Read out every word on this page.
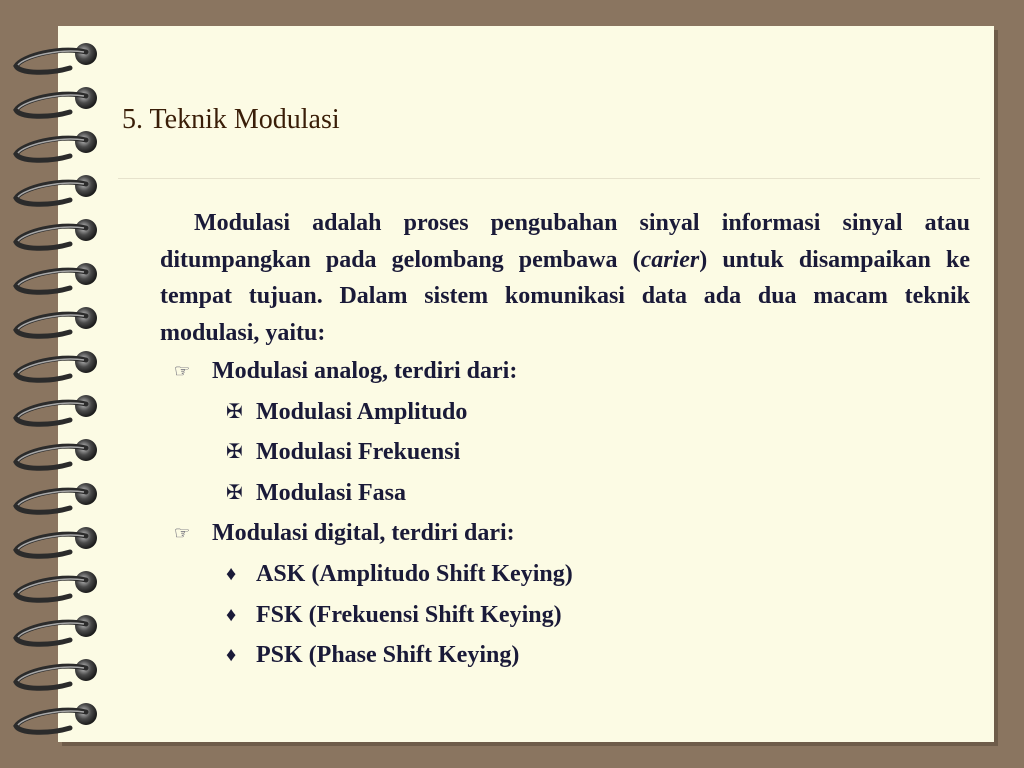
5. Teknik Modulasi

Modulasi adalah proses pengubahan sinyal informasi sinyal atau ditumpangkan pada gelombang pembawa (carier) untuk disampaikan ke tempat tujuan. Dalam sistem komunikasi data ada dua macam teknik modulasi, yaitu:

☞ Modulasi analog, terdiri dari:
✠ Modulasi Amplitudo
✠ Modulasi Frekuensi
✠ Modulasi Fasa
☞ Modulasi digital, terdiri dari:
♦ ASK (Amplitudo Shift Keying)
♦ FSK (Frekuensi Shift Keying)
♦ PSK (Phase Shift Keying)
